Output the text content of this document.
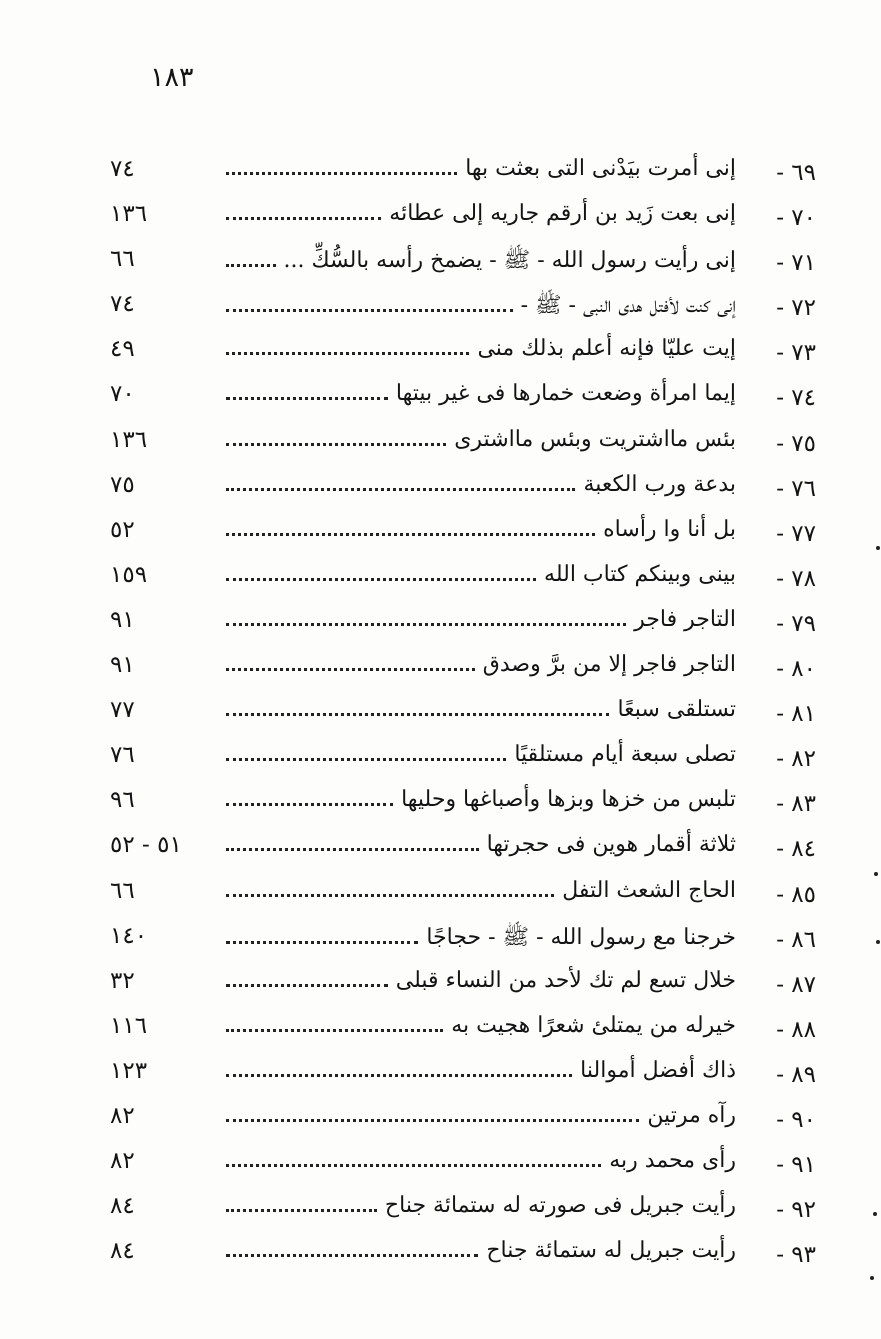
١٨٣
٦٩ -
إنى أمرت بيَدْنى التى بعثت بها
٧٤
٧٠ -
إنى بعت زَيد بن أرقم جاريه إلى عطائه
١٣٦
٧١ -
إنى رأيت رسول الله - ﷺ - يضمخ رأسه بالسُّكِّ ...
٦٦
٧٢ -
إنى كنت لأفتل هدى النبى - ﷺ -
٧٤
٧٣ -
إيت عليّا فإنه أعلم بذلك منى
٤٩
٧٤ -
إيما امرأة وضعت خمارها فى غير بيتها
٧٠
٧٥ -
بئس مااشتريت وبئس مااشترى
١٣٦
٧٦ -
بدعة ورب الكعبة
٧٥
٧٧ -
بل أنا وا رأساه
٥٢
٧٨ -
بينى وبينكم كتاب الله
١٥٩
٧٩ -
التاجر فاجر
٩١
٨٠ -
التاجر فاجر إلا من برَّ وصدق
٩١
٨١ -
تستلقى سبعًا
٧٧
٨٢ -
تصلى سبعة أيام مستلقيًا
٧٦
٨٣ -
تلبس من خزها وبزها وأصباغها وحليها
٩٦
٨٤ -
ثلاثة أقمار هوين فى حجرتها
٥١ - ٥٢
٨٥ -
الحاج الشعث التفل
٦٦
٨٦ -
خرجنا مع رسول الله - ﷺ - حجاجًا
١٤٠
٨٧ -
خلال تسع لم تك لأحد من النساء قبلى
٣٢
٨٨ -
خيرله من يمتلئ شعرًا هجيت به
١١٦
٨٩ -
ذاك أفضل أموالنا
١٢٣
٩٠ -
رآه مرتين
٨٢
٩١ -
رأى محمد ربه
٨٢
٩٢ -
رأيت جبريل فى صورته له ستمائة جناح
٨٤
٩٣ -
رأيت جبريل له ستمائة جناح
٨٤
